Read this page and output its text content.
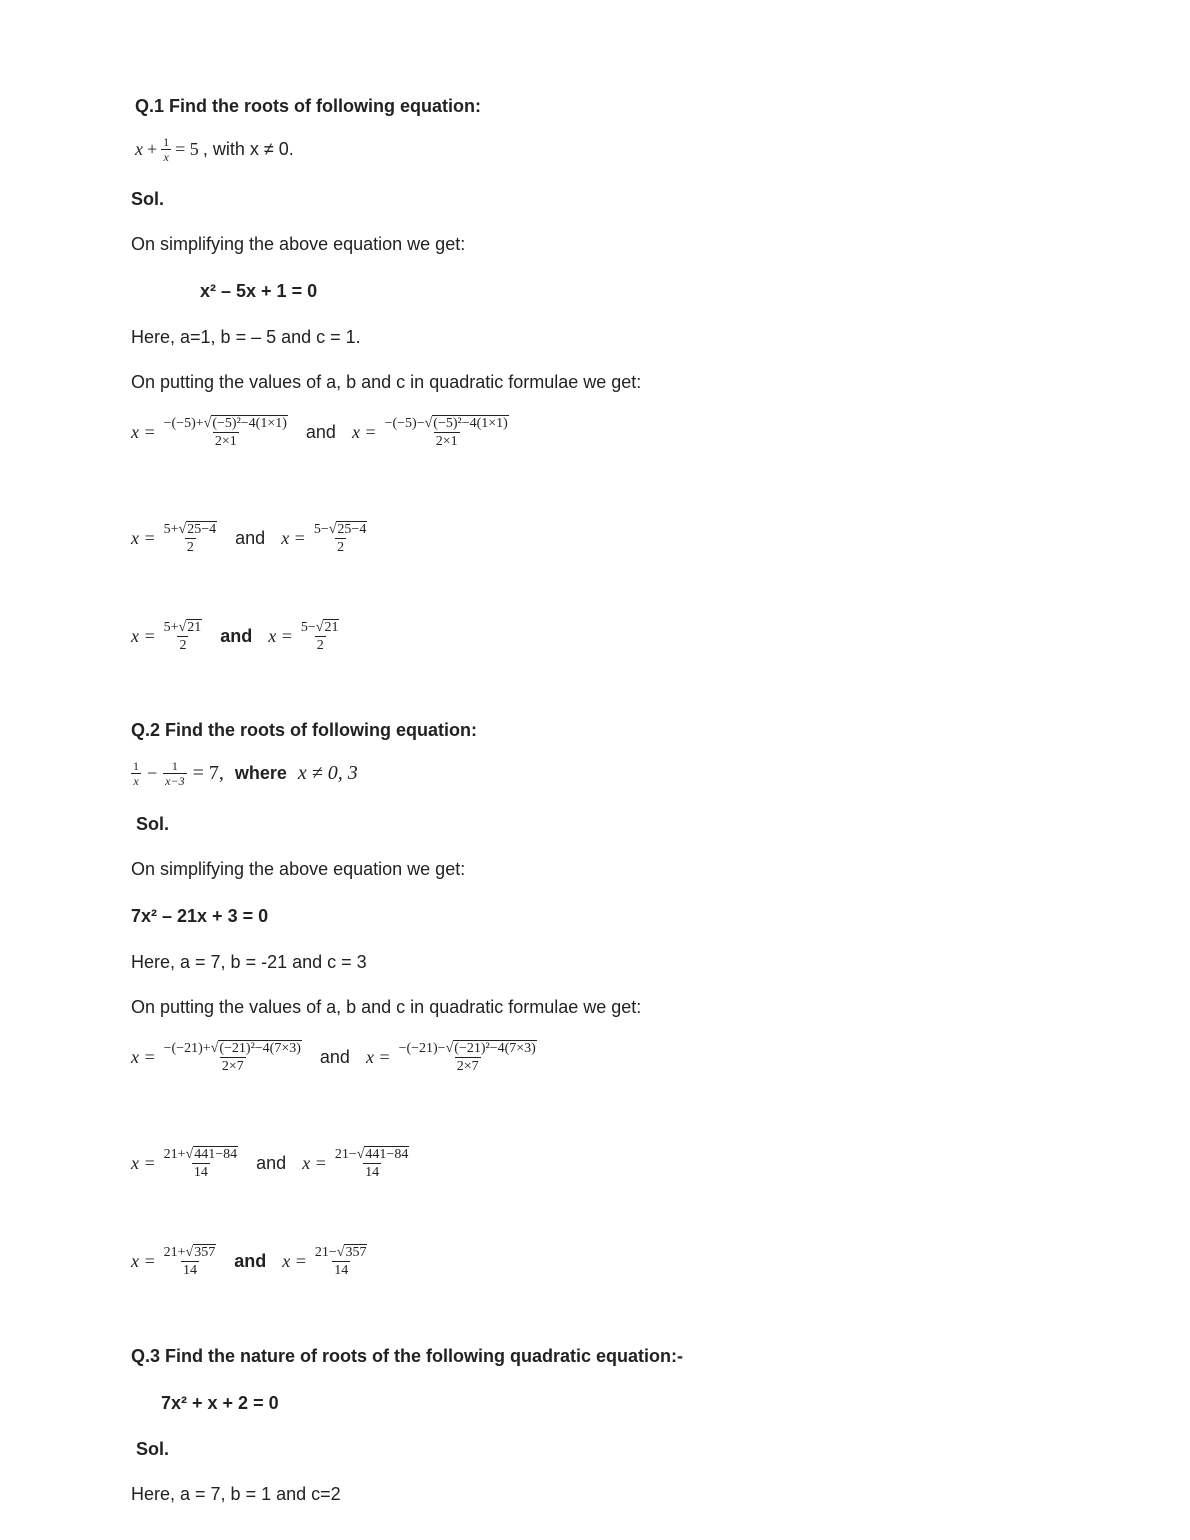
Q.1 Find the roots of following equation:
$x + \frac{1}{x} = 5$ , with x ≠ 0.
Sol.
On simplifying the above equation we get:
x² – 5x + 1 = 0
Here, a=1, b = – 5 and c = 1.
On putting the values of a, b and c in quadratic formulae we get:
$x = \frac{\text{−(−5)+√(−5)²−4(1×1)}}{2\times 1}$ and $x = \frac{\text{−(−5)−√(−5)²−4(1×1)}}{2\times 1}$
$x = \frac{5+√25-4}{2}$ and $x = \frac{5-√25-4}{2}$
$x = \frac{5+√21}{2}$ and $x = \frac{5-√21}{2}$
Q.2 Find the roots of following equation:
$\frac{1}{x} - \frac{1}{x-3} = 7$, where x ≠ 0, 3
Sol.
On simplifying the above equation we get:
7x² – 21x + 3 = 0
Here, a = 7, b = -21 and c = 3
On putting the values of a, b and c in quadratic formulae we get:
$x = \frac{\text{−(−21)+√(−21)²−4(7×3)}}{2\times 7}$ and $x = \frac{\text{−(−21)−√(−21)²−4(7×3)}}{2\times 7}$
$x = \frac{21+√441-84}{14}$ and $x = \frac{21-√441-84}{14}$
$x = \frac{21+√357}{14}$ and $x = \frac{21-√357}{14}$
Q.3 Find the nature of roots of the following quadratic equation:-
7x² + x + 2 = 0
Sol.
Here, a = 7, b = 1 and c=2
